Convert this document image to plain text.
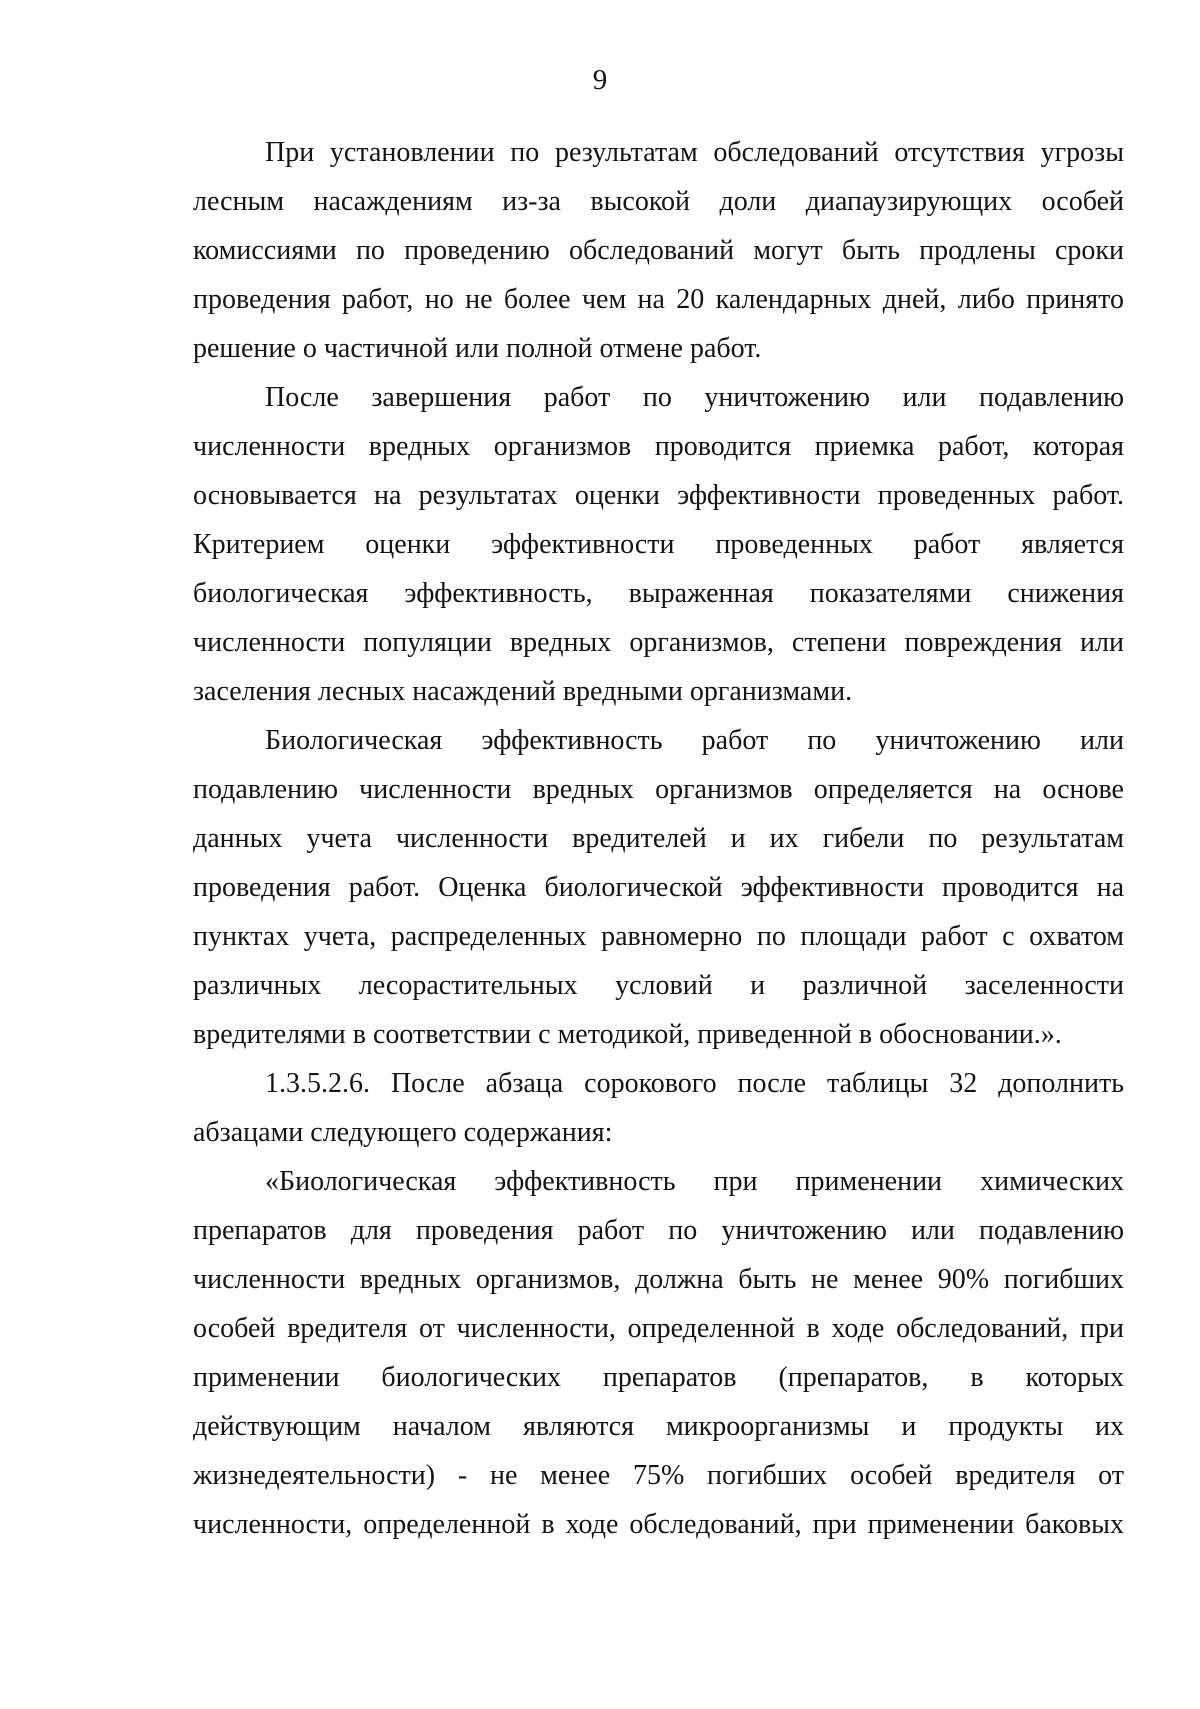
9
При установлении по результатам обследований отсутствия угрозы
лесным насаждениям из-за высокой доли диапаузирующих особей
комиссиями по проведению обследований могут быть продлены сроки
проведения работ, но не более чем на 20 календарных дней, либо принято
решение о частичной или полной отмене работ.
После завершения работ по уничтожению или подавлению
численности вредных организмов проводится приемка работ, которая
основывается на результатах оценки эффективности проведенных работ.
Критерием оценки эффективности проведенных работ является
биологическая эффективность, выраженная показателями снижения
численности популяции вредных организмов, степени повреждения или
заселения лесных насаждений вредными организмами.
Биологическая эффективность работ по уничтожению или
подавлению численности вредных организмов определяется на основе
данных учета численности вредителей и их гибели по результатам
проведения работ. Оценка биологической эффективности проводится на
пунктах учета, распределенных равномерно по площади работ с охватом
различных лесорастительных условий и различной заселенности
вредителями в соответствии с методикой, приведенной в обосновании.».
1.3.5.2.6. После абзаца сорокового после таблицы 32 дополнить
абзацами следующего содержания:
«Биологическая эффективность при применении химических
препаратов для проведения работ по уничтожению или подавлению
численности вредных организмов, должна быть не менее 90% погибших
особей вредителя от численности, определенной в ходе обследований, при
применении биологических препаратов (препаратов, в которых
действующим началом являются микроорганизмы и продукты их
жизнедеятельности) - не менее 75% погибших особей вредителя от
численности, определенной в ходе обследований, при применении баковых
